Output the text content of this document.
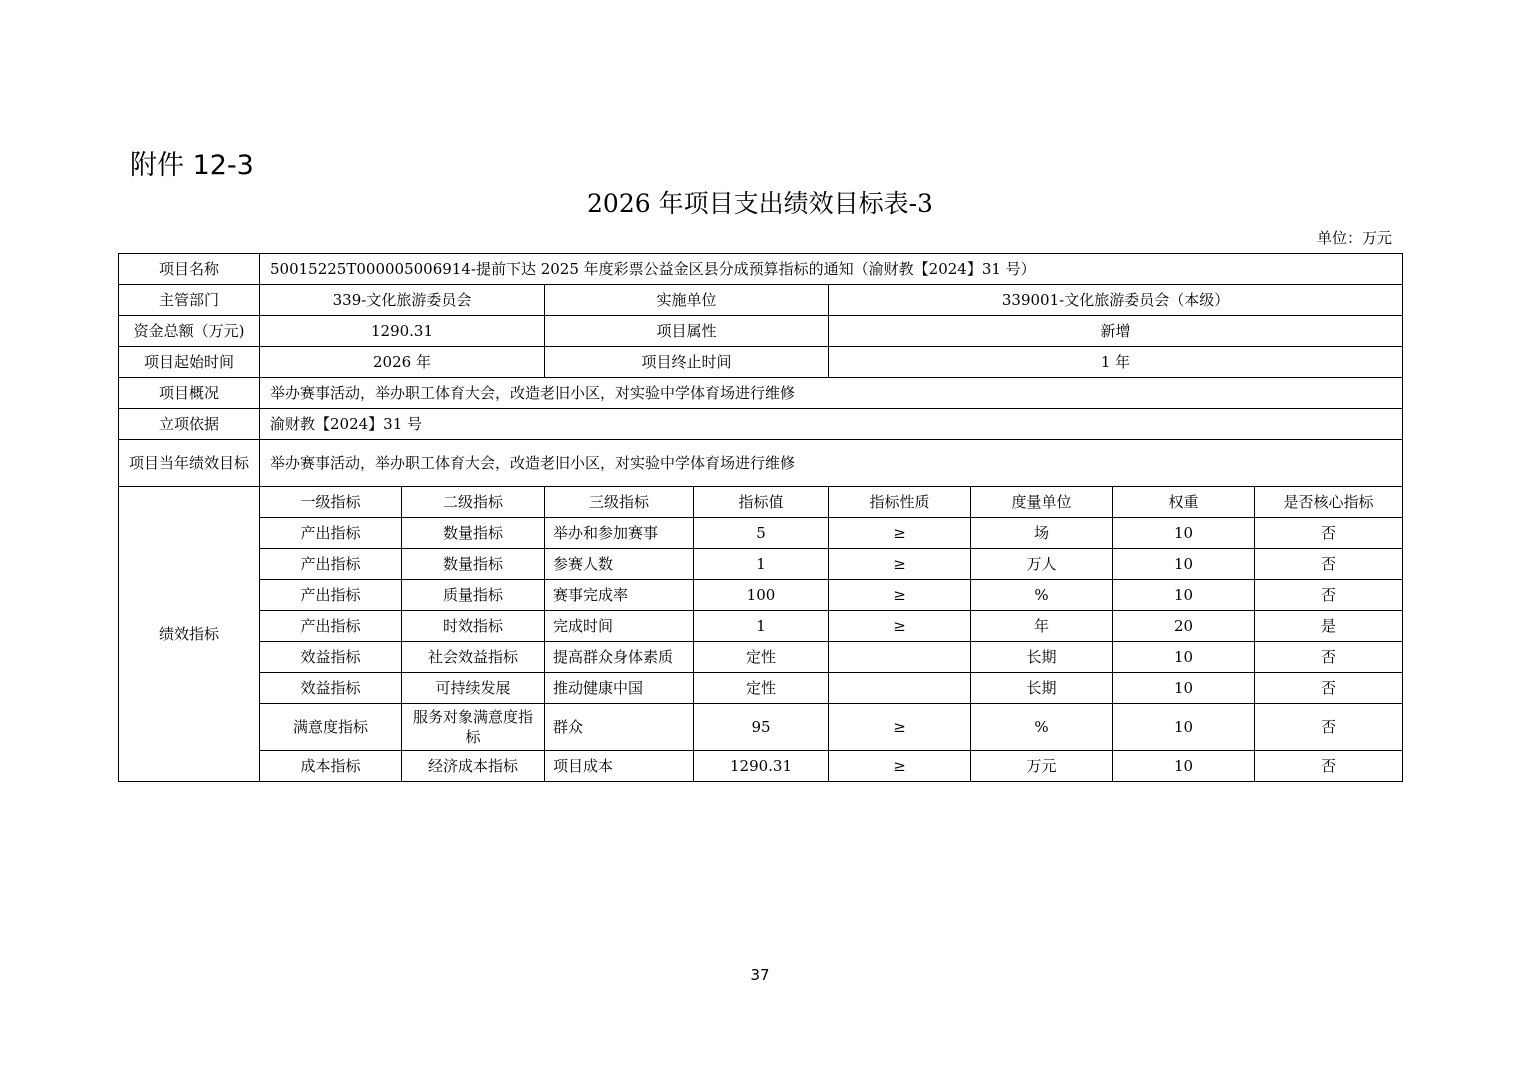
附件 12-3
2026 年项目支出绩效目标表-3
单位：万元
项目名称	50015225T000005006914-提前下达 2025 年度彩票公益金区县分成预算指标的通知（渝财教【2024】31 号）							
主管部门	339-文化旅游委员会		实施单位		339001-文化旅游委员会（本级）			
资金总额（万元)	1290.31		项目属性		新增			
项目起始时间	2026 年		项目终止时间		1 年			
项目概况	举办赛事活动，举办职工体育大会，改造老旧小区，对实验中学体育场进行维修							
立项依据	渝财教【2024】31 号							
项目当年绩效目标	举办赛事活动，举办职工体育大会，改造老旧小区，对实验中学体育场进行维修							
绩效指标	一级指标	二级指标	三级指标	指标值	指标性质	度量单位	权重	是否核心指标
	产出指标	数量指标	举办和参加赛事	5	≥	场	10	否
	产出指标	数量指标	参赛人数	1	≥	万人	10	否
	产出指标	质量指标	赛事完成率	100	≥	%	10	否
	产出指标	时效指标	完成时间	1	≥	年	20	是
	效益指标	社会效益指标	提高群众身体素质	定性		长期	10	否
	效益指标	可持续发展	推动健康中国	定性		长期	10	否
	满意度指标	服务对象满意度指标	群众	95	≥	%	10	否
	成本指标	经济成本指标	项目成本	1290.31	≥	万元	10	否
37
